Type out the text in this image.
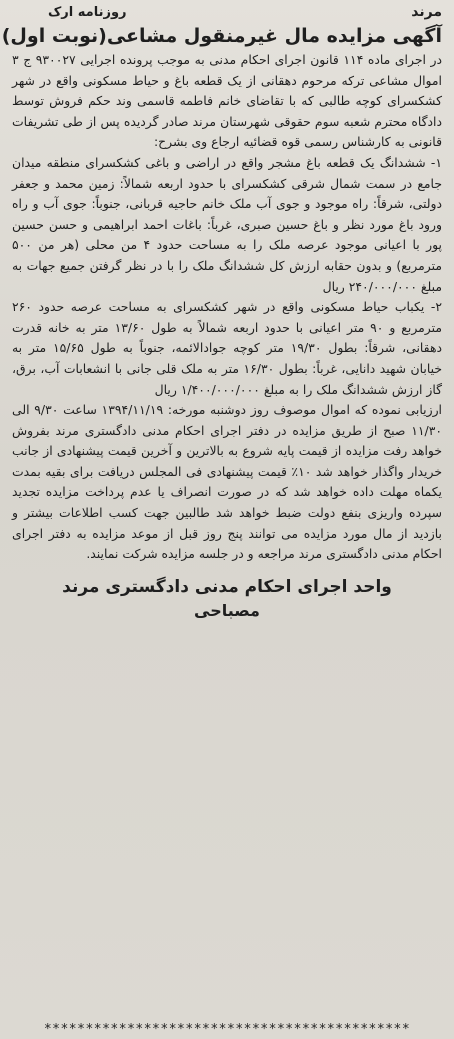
مرند
روزنامه ارک
آگهی مزایده مال غیرمنقول مشاعی(نوبت اول)

در اجرای ماده ۱۱۴ قانون اجرای احکام مدنی به موجب پرونده اجرایی ۹۳۰۰۲۷ ج ۳ اموال مشاعی ترکه مرحوم دهقانی از یک قطعه باغ و حیاط مسکونی واقع در شهر کشکسرای کوچه طالبی که با تقاضای خانم فاطمه قاسمی وند حکم فروش توسط دادگاه محترم شعبه سوم حقوقی شهرستان مرند صادر گردیده پس از طی تشریفات قانونی به کارشناس رسمی قوه قضائیه ارجاع وی بشرح:

۱- ششدانگ یک قطعه باغ مشجر واقع در اراضی و باغی کشکسرای منطقه میدان جامع در سمت شمال شرقی کشکسرای با حدود اربعه شمالاً: زمین محمد و جعفر دولتی، شرقاً: راه موجود و جوی آب ملک خانم حاجیه قربانی، جنوباً: جوی آب و راه ورود باغ مورد نظر و باغ حسین صبری، غرباً: باغات احمد ابراهیمی و حسن حسین پور با اعیانی موجود عرصه ملک را به مساحت حدود ۴ من محلی (هر من ۵۰۰ مترمربع) و بدون حقابه ارزش کل ششدانگ ملک را با در نظر گرفتن جمیع جهات به مبلغ ۲۴۰/۰۰۰/۰۰۰ ریال

۲- یکباب حیاط مسکونی واقع در شهر کشکسرای به مساحت عرصه حدود ۲۶۰ مترمربع و ۹۰ متر اعیانی با حدود اربعه شمالاً به طول ۱۳/۶۰ متر به خانه قدرت دهقانی، شرقاً: بطول ۱۹/۳۰ متر کوچه جوادالائمه، جنوباً به طول ۱۵/۶۵ متر به خیابان شهید دانایی، غرباً: بطول ۱۶/۳۰ متر به ملک قلی جانی با انشعابات آب، برق، گاز ارزش ششدانگ ملک را به مبلغ ۱/۴۰۰/۰۰۰/۰۰۰ ریال

ارزیابی نموده که اموال موصوف روز دوشنبه مورخه: ۱۳۹۴/۱۱/۱۹ ساعت ۹/۳۰ الی ۱۱/۳۰ صبح از طریق مزایده در دفتر اجرای احکام مدنی دادگستری مرند بفروش خواهد رفت مزایده از قیمت پایه شروع به بالاترین و آخرین قیمت پیشنهادی از جانب خریدار واگذار خواهد شد ۱۰٪ قیمت پیشنهادی فی المجلس دریافت برای بقیه بمدت یکماه مهلت داده خواهد شد که در صورت انصراف یا عدم پرداخت مزایده تجدید سپرده واریزی بنفع دولت ضبط خواهد شد طالبین جهت کسب اطلاعات بیشتر و بازدید از مال مورد مزایده می توانند پنج روز قبل از موعد مزایده به دفتر اجرای احکام مدنی دادگستری مرند مراجعه و در جلسه مزایده شرکت نمایند.

واحد اجرای احکام مدنی دادگستری مرند
مصباحی
********************************************
